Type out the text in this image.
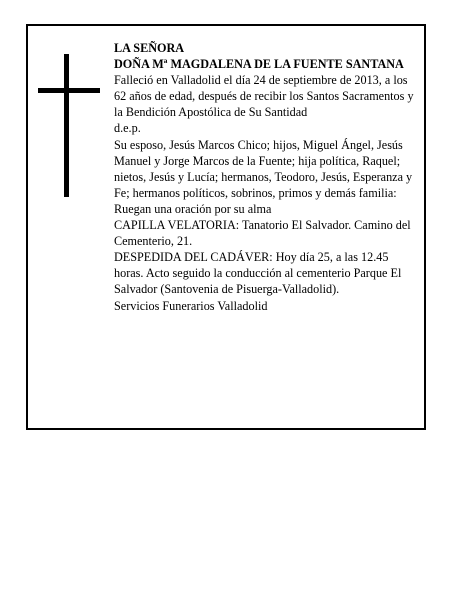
LA SEÑORA

DOÑA Mª MAGDALENA DE LA FUENTE SANTANA

Falleció en Valladolid el día 24 de septiembre de 2013, a los 62 años de edad, después de recibir los Santos Sacramentos y la Bendición Apostólica de Su Santidad

d.e.p.

Su esposo, Jesús Marcos Chico; hijos, Miguel Ángel, Jesús Manuel y Jorge Marcos de la Fuente; hija política, Raquel; nietos, Jesús y Lucía; hermanos, Teodoro, Jesús, Esperanza y Fe; hermanos políticos, sobrinos, primos y demás familia:

Ruegan una oración por su alma

CAPILLA VELATORIA: Tanatorio El Salvador. Camino del Cementerio, 21.

DESPEDIDA DEL CADÁVER: Hoy día 25, a las 12.45 horas. Acto seguido la conducción al cementerio Parque El Salvador (Santovenia de Pisuerga-Valladolid).

Servicios Funerarios Valladolid
